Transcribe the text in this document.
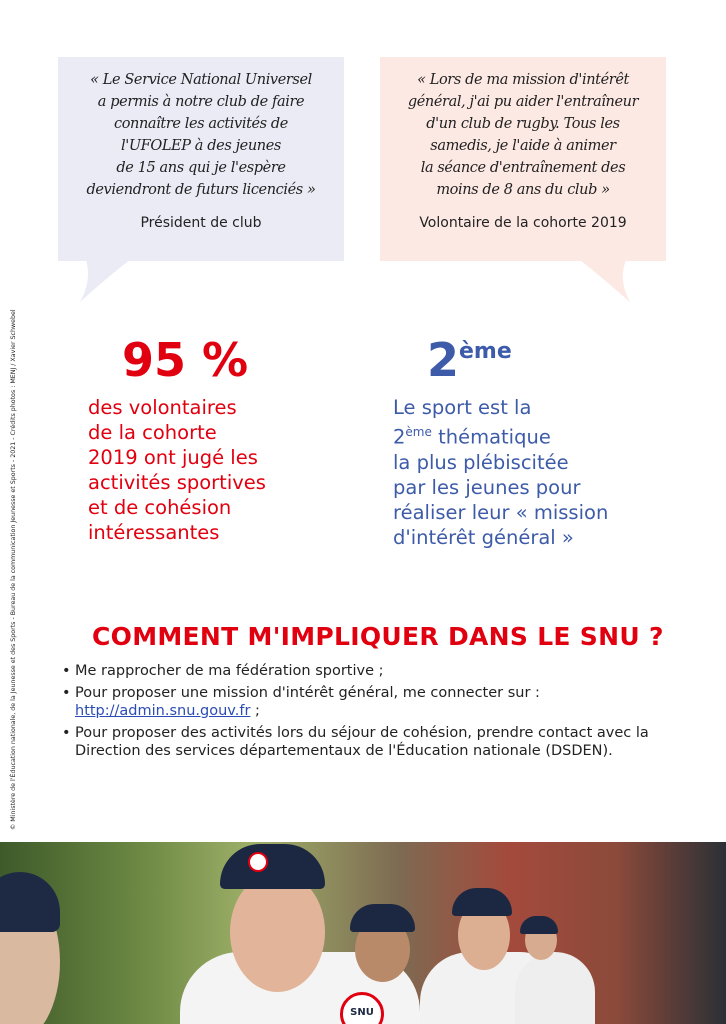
© Ministère de l'Éducation nationale, de la Jeunesse et des Sports - Bureau de la communication Jeunesse et Sports - 2021 - Crédits photos : MENJ / Xavier Schwebel
« Le Service National Universel
a permis à notre club de faire
connaître les activités de
l'UFOLEP à des jeunes
de 15 ans qui je l'espère
deviendront de futurs licenciés »
Président de club
« Lors de ma mission d'intérêt
général, j'ai pu aider l'entraîneur
d'un club de rugby. Tous les
samedis, je l'aide à animer
la séance d'entraînement des
moins de 8 ans du club »
Volontaire de la cohorte 2019
95 %
des volontaires
de la cohorte
2019 ont jugé les
activités sportives
et de cohésion
intéressantes
2ème
Le sport est la
2ème thématique
la plus plébiscitée
par les jeunes pour
réaliser leur « mission
d'intérêt général »
COMMENT M'IMPLIQUER DANS LE SNU ?
• Me rapprocher de ma fédération sportive ;
• Pour proposer une mission d'intérêt général, me connecter sur :
http://admin.snu.gouv.fr ;
• Pour proposer des activités lors du séjour de cohésion, prendre contact avec la Direction des services départementaux de l'Éducation nationale (DSDEN).
SNU
